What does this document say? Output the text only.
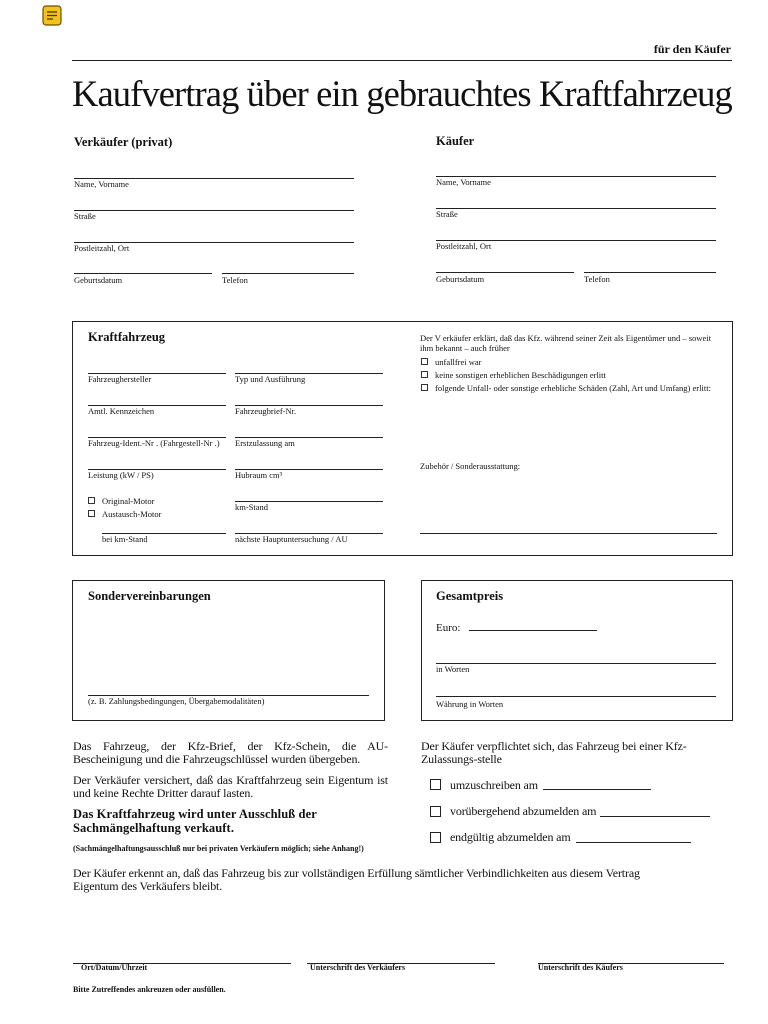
für den Käufer
Kaufvertrag über ein gebrauchtes Kraftfahrzeug
Verkäufer (privat)
Name, Vorname
Straße
Postleitzahl, Ort
Geburtsdatum	Telefon
Käufer
Name, Vorname
Straße
Postleitzahl, Ort
Geburtsdatum	Telefon
Kraftfahrzeug
Fahrzeughersteller	Typ und Ausführung
Amtl. Kennzeichen	Fahrzeugbrief-Nr.
Fahrzeug-Ident.-Nr . (Fahrgestell-Nr .) Erstzulassung am
Leistung (kW / PS)	Hubraum cm³
Original-Motor
Austausch-Motor
km-Stand
bei km-Stand	nächste Hauptuntersuchung / AU
Der V erkäufer erklärt, daß das Kfz. während seiner Zeit als Eigentümer und – soweit ihm bekannt – auch früher
unfallfrei war
keine sonstigen erheblichen Beschädigungen erlitt
folgende Unfall- oder sonstige erhebliche Schäden (Zahl, Art und Umfang) erlitt:
Zubehör / Sonderausstattung:
Sondervereinbarungen
(z. B. Zahlungsbedingungen, Übergabemodalitäten)
Gesamtpreis
Euro:
in Worten
Währung in Worten
Das Fahrzeug, der Kfz-Brief, der Kfz-Schein, die AU-Bescheinigung und die Fahrzeugschlüssel wurden übergeben.
Der Verkäufer versichert, daß das Kraftfahrzeug sein Eigentum ist und keine Rechte Dritter darauf lasten.
Das Kraftfahrzeug wird unter Ausschluß der Sachmängelhaftung verkauft.
(Sachmängelhaftungsausschluß nur bei privaten Verkäufern möglich; siehe Anhang!)
Der Käufer verpflichtet sich, das Fahrzeug bei einer Kfz-Zulassungs-stelle
umzuschreiben am
vorübergehend abzumelden am
endgültig abzumelden am
Der Käufer erkennt an, daß das Fahrzeug bis zur vollständigen Erfüllung sämtlicher Verbindlichkeiten aus diesem Vertrag Eigentum des Verkäufers bleibt.
Ort/Datum/Uhrzeit	Unterschrift des Verkäufers	Unterschrift des Käufers
Bitte Zutreffendes ankreuzen oder ausfüllen.
